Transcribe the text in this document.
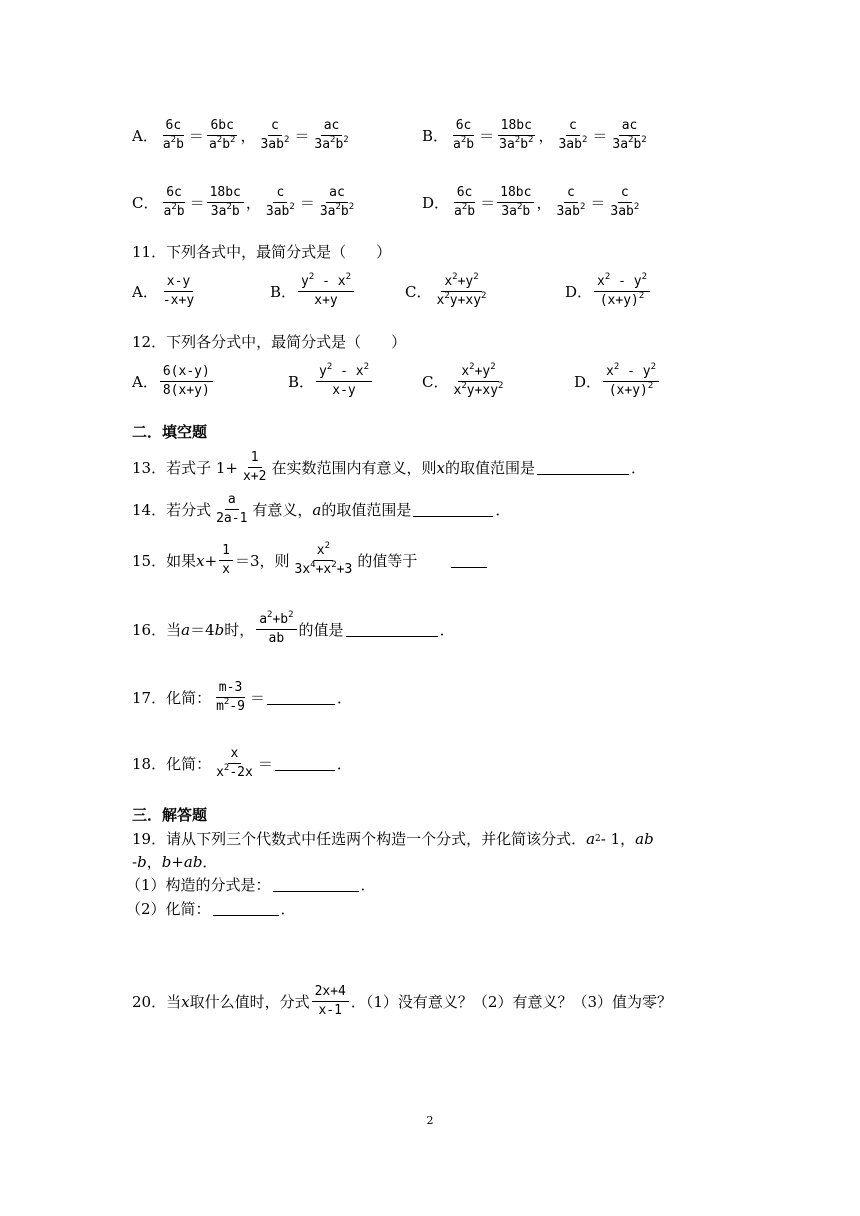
A． $\frac{6c}{a^2b} = \frac{6bc}{a^2b^2}$ ， $\frac{c}{3ab^2} = \frac{ac}{3a^2b^2}$	B． $\frac{6c}{a^2b} = \frac{18bc}{3a^2b^2}$ ， $\frac{c}{3ab^2} = \frac{ac}{3a^2b^2}$
C． $\frac{6c}{a^2b} = \frac{18bc}{3a^2b}$ ， $\frac{c}{3ab^2} = \frac{ac}{3a^2b^2}$	D． $\frac{6c}{a^2b} = \frac{18bc}{3a^2b}$ ， $\frac{c}{3ab^2} = \frac{c}{3ab^2}$
11．下列各式中，最简分式是（　　）
A． $\frac{x-y}{-x+y}$	B． $\frac{y^2 - x^2}{x+y}$	C． $\frac{x^2+y^2}{x^2y+xy^2}$	D． $\frac{x^2 - y^2}{(x+y)^2}$
12．下列各分式中，最简分式是（　　）
A． $\frac{6(x-y)}{8(x+y)}$	B． $\frac{y^2 - x^2}{x-y}$	C． $\frac{x^2+y^2}{x^2y+xy^2}$	D． $\frac{x^2 - y^2}{(x+y)^2}$
二．填空题
13．若式子 $1+ \frac{1}{x+2}$ 在实数范围内有意义，则 x 的取值范围是	．
14．若分式 $\frac{a}{2a-1}$ 有意义， a 的取值范围是	．
15．如果 $x + \frac{1}{x} =3$，则 $\frac{x^2}{3x^4+x^2+3}$ 的值等于
16．当 a ＝4 b 时， $\frac{a^2+b^2}{ab}$ 的值是	．
17．化简： $\frac{m-3}{m^2-9}$ ＝	．
18．化简： $\frac{x}{x^2-2x}$ ＝	．
三．解答题
19．请从下列三个代数式中任选两个构造一个分式，并化简该分式． a 2 - 1， ab
- b ， b+ab ．
（1）构造的分式是：	．
（2）化简：	．
20．当 x 取什么值时，分式 $\frac{2x+4}{x-1}$ ．（1）没有意义？（2）有意义？（3）值为零？
2
